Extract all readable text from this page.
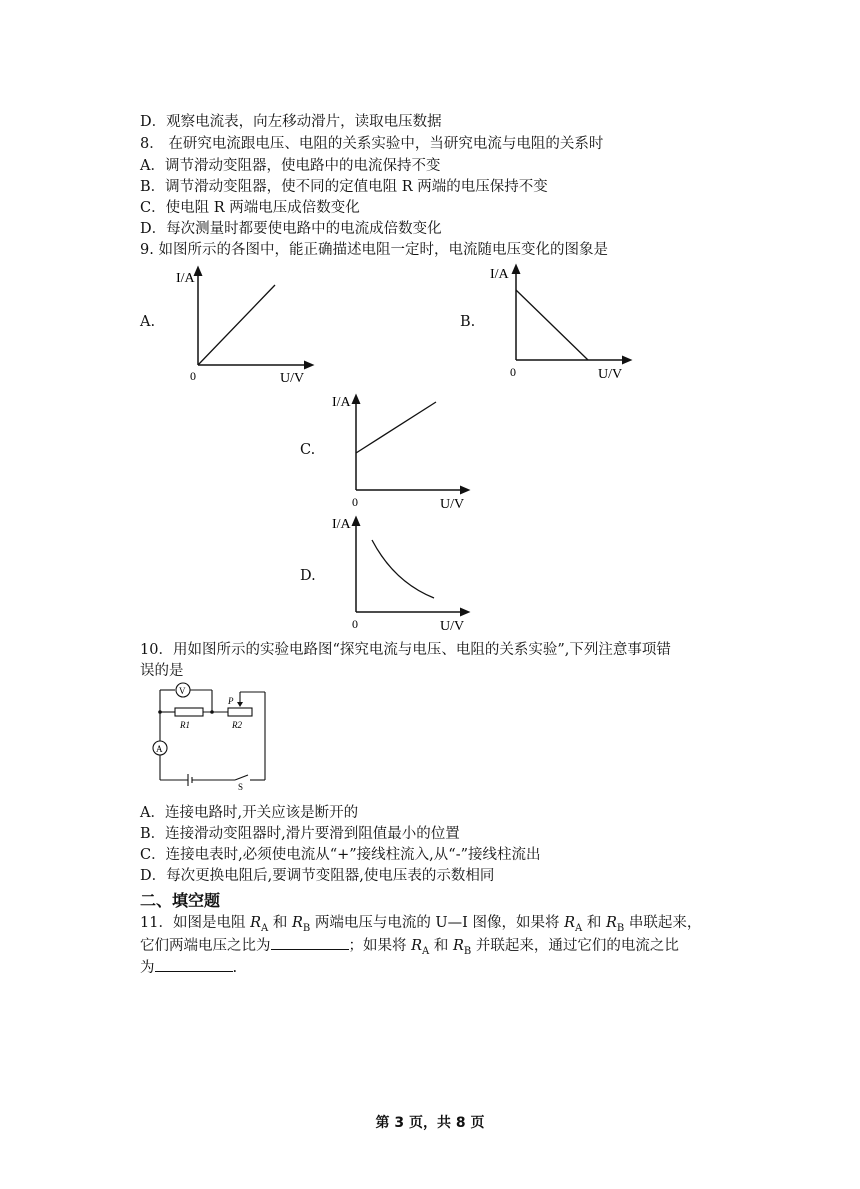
D．观察电流表，向左移动滑片，读取电压数据
8． 在研究电流跟电压、电阻的关系实验中，当研究电流与电阻的关系时
A．调节滑动变阻器，使电路中的电流保持不变
B．调节滑动变阻器，使不同的定值电阻 R 两端的电压保持不变
C．使电阻 R 两端电压成倍数变化
D．每次测量时都要使电路中的电流成倍数变化
9. 如图所示的各图中，能正确描述电阻一定时，电流随电压变化的图象是
A.
I/A
0	U/V
B.
I/A
0	U/V
C.
I/A
0	U/V
D.
I/A
0	U/V
10．用如图所示的实验电路图“探究电流与电压、电阻的关系实验”,下列注意事项错
误的是
V
A
R1	R2
P
S
A．连接电路时,开关应该是断开的
B．连接滑动变阻器时,滑片要滑到阻值最小的位置
C．连接电表时,必须使电流从“+”接线柱流入,从“-”接线柱流出
D．每次更换电阻后,要调节变阻器,使电压表的示数相同
二、填空题
11．如图是电阻 $R_A$ 和 $R_B$ 两端电压与电流的 U—I 图像，如果将 $R_A$ 和 $R_B$ 串联起来，
它们两端电压之比为	；如果将 $R_A$ 和 $R_B$ 并联起来，通过它们的电流之比
为	.
第 3 页，共 8 页
